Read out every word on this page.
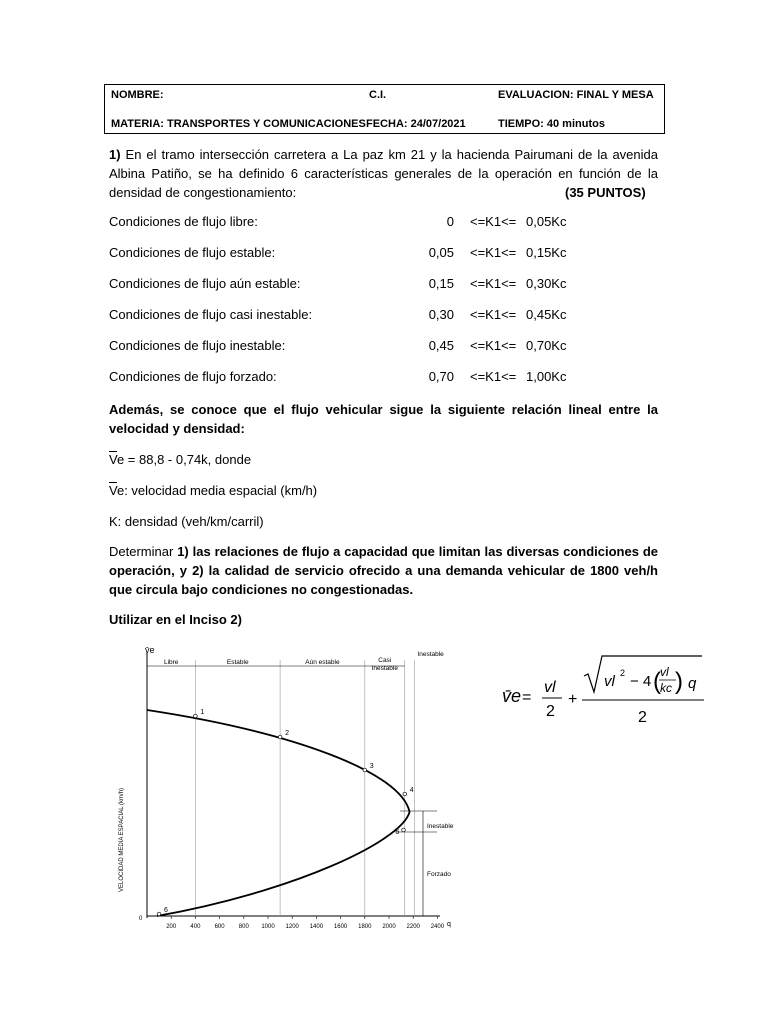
NOMBRE:	C.I.	EVALUACION: FINAL Y MESA
MATERIA: TRANSPORTES Y COMUNICACIONES FECHA: 24/07/2021	TIEMPO: 40 minutos
1) En el tramo intersección carretera a La paz km 21 y la hacienda Pairumani de la avenida Albina Patiño, se ha definido 6 características generales de la operación en función de la densidad de congestionamiento:	(35 PUNTOS)
Condiciones de flujo libre:	0 <=K1<= 0,05Kc
Condiciones de flujo estable:	0,05 <=K1<= 0,15Kc
Condiciones de flujo aún estable:	0,15 <=K1<= 0,30Kc
Condiciones de flujo casi inestable:	0,30 <=K1<= 0,45Kc
Condiciones de flujo inestable:	0,45 <=K1<= 0,70Kc
Condiciones de flujo forzado:	0,70 <=K1<= 1,00Kc
Además, se conoce que el flujo vehicular sigue la siguiente relación lineal entre la velocidad y densidad:
$\overline{V}e = 88,8 - 0,74k$, donde
$\overline{V}e$: velocidad media espacial (km/h)
K: densidad (veh/km/carril)
Determinar 1) las relaciones de flujo a capacidad que limitan las diversas condiciones de operación, y 2) la calidad de servicio ofrecido a una demanda vehicular de 1800 veh/h que circula bajo condiciones no congestionadas.
Utilizar en el Inciso 2)
v̄e
VELOCIDAD MEDIA ESPACIAL (km/h)
0
q
200 400 600 800 1000 1200 1400 1600 1800 2000 2200 2400
Libre	Estable	Aún estable	Casi Inestable
Inestable
1
2
3
4
5
6
Inestable
Forzado
v̄e =
vl
2
+
vl 2 − 4
vl
kc
( ) q
2
